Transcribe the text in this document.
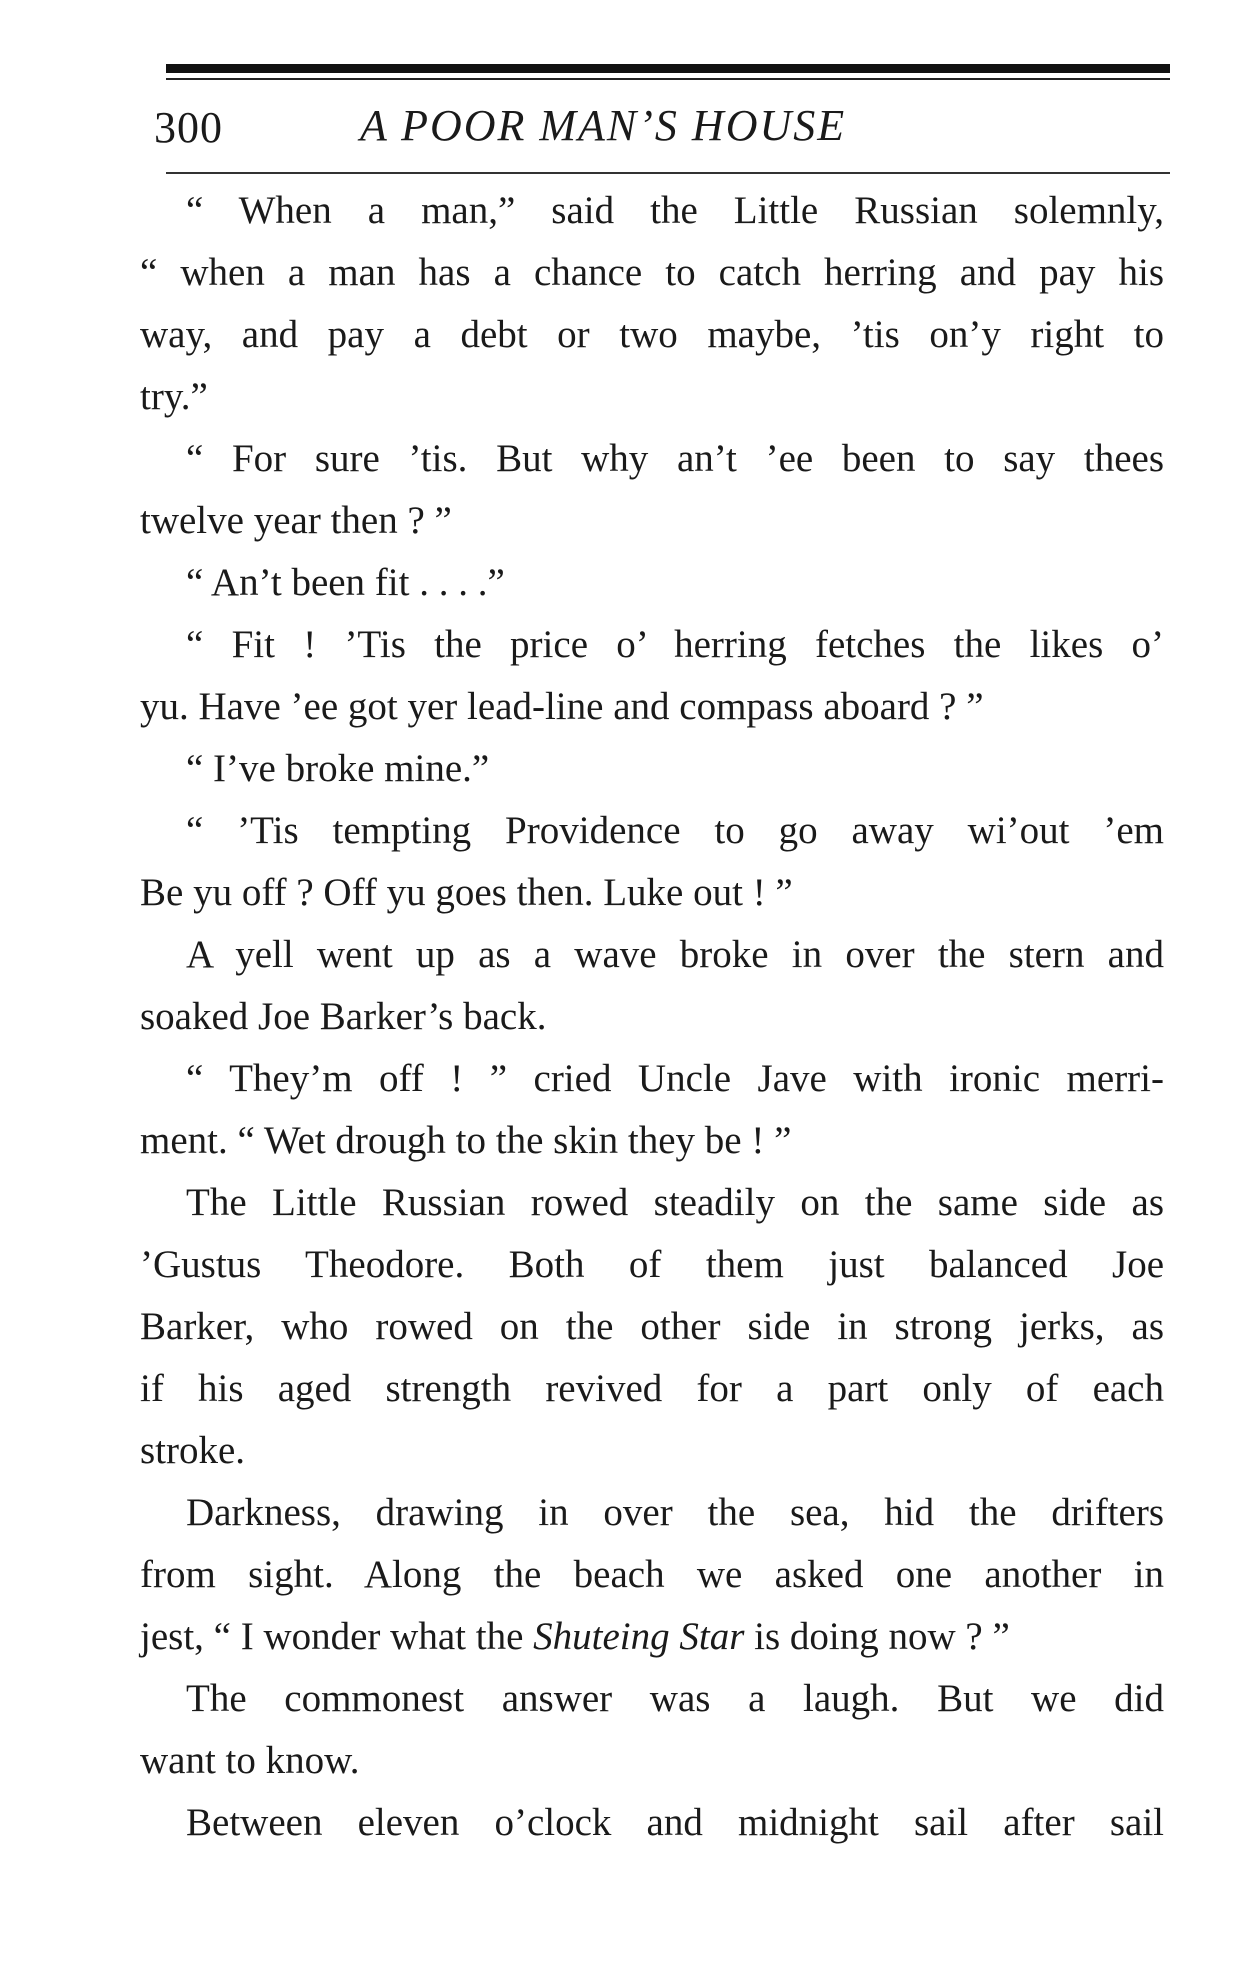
300	A POOR MAN’S HOUSE

“ When a man,” said the Little Russian solemnly,
“ when a man has a chance to catch herring and pay his
way, and pay a debt or two maybe, ’tis on’y right to
try.”

“ For sure ’tis. But why an’t ’ee been to say thees
twelve year then ? ”

“ An’t been fit . . . .”

“ Fit ! ’Tis the price o’ herring fetches the likes o’
yu. Have ’ee got yer lead-line and compass aboard ? ”

“ I’ve broke mine.”

“ ’Tis tempting Providence to go away wi’out ’em
Be yu off ? Off yu goes then. Luke out ! ”

A yell went up as a wave broke in over the stern and
soaked Joe Barker’s back.

“ They’m off ! ” cried Uncle Jave with ironic merri-
ment. “ Wet drough to the skin they be ! ”

The Little Russian rowed steadily on the same side as
’Gustus Theodore. Both of them just balanced Joe
Barker, who rowed on the other side in strong jerks, as
if his aged strength revived for a part only of each
stroke.

Darkness, drawing in over the sea, hid the drifters
from sight. Along the beach we asked one another in
jest, “ I wonder what the Shuteing Star is doing now ? ”

The commonest answer was a laugh. But we did
want to know.

Between eleven o’clock and midnight sail after sail
